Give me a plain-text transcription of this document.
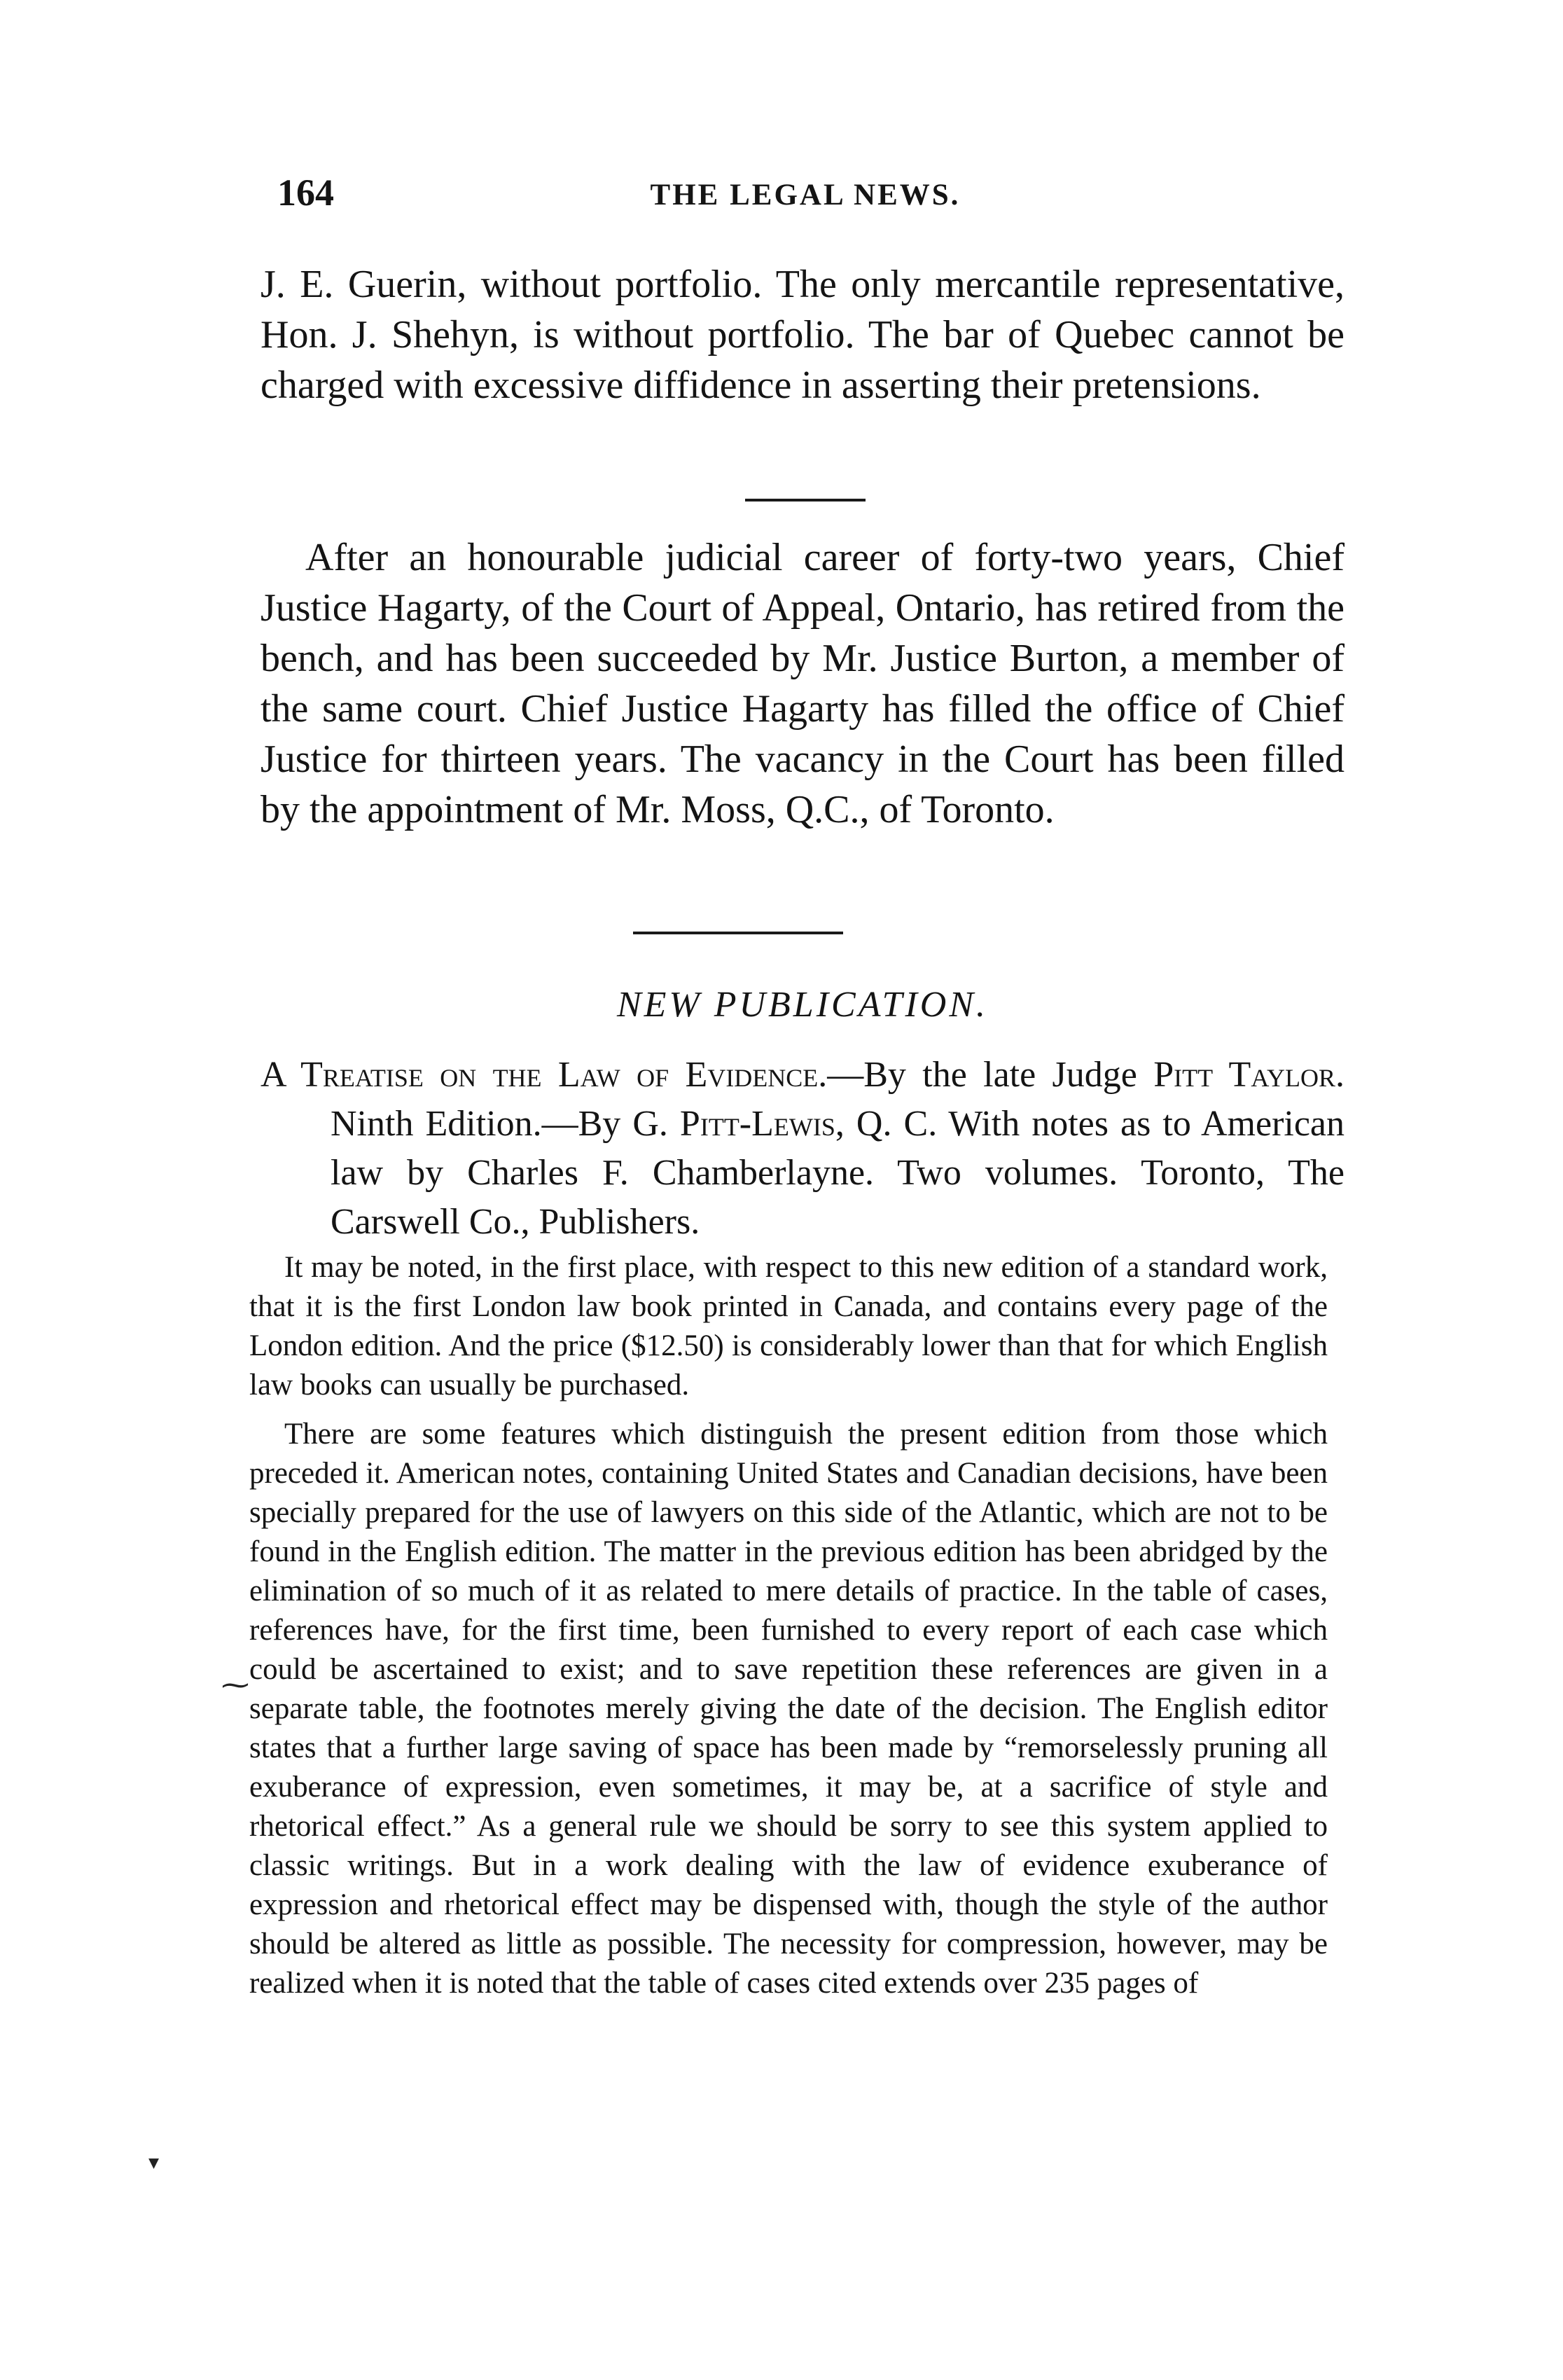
164	THE LEGAL NEWS.

J. E. Guerin, without portfolio. The only mercantile representative, Hon. J. Shehyn, is without portfolio. The bar of Quebec cannot be charged with excessive diffidence in asserting their pretensions.

After an honourable judicial career of forty-two years, Chief Justice Hagarty, of the Court of Appeal, Ontario, has retired from the bench, and has been succeeded by Mr. Justice Burton, a member of the same court. Chief Justice Hagarty has filled the office of Chief Justice for thirteen years. The vacancy in the Court has been filled by the appointment of Mr. Moss, Q.C., of Toronto.

NEW PUBLICATION.

A Treatise on the Law of Evidence.—By the late Judge Pitt Taylor. Ninth Edition.—By G. Pitt-Lewis, Q. C. With notes as to American law by Charles F. Chamberlayne. Two volumes. Toronto, The Carswell Co., Publishers.

It may be noted, in the first place, with respect to this new edition of a standard work, that it is the first London law book printed in Canada, and contains every page of the London edition. And the price ($12.50) is considerably lower than that for which English law books can usually be purchased.

There are some features which distinguish the present edition from those which preceded it. American notes, containing United States and Canadian decisions, have been specially prepared for the use of lawyers on this side of the Atlantic, which are not to be found in the English edition. The matter in the previous edition has been abridged by the elimination of so much of it as related to mere details of practice. In the table of cases, references have, for the first time, been furnished to every report of each case which could be ascertained to exist; and to save repetition these references are given in a separate table, the footnotes merely giving the date of the decision. The English editor states that a further large saving of space has been made by “remorselessly pruning all exuberance of expression, even sometimes, it may be, at a sacrifice of style and rhetorical effect.” As a general rule we should be sorry to see this system applied to classic writings. But in a work dealing with the law of evidence exuberance of expression and rhetorical effect may be dispensed with, though the style of the author should be altered as little as possible. The necessity for compression, however, may be realized when it is noted that the table of cases cited extends over 235 pages of

⁓
▾
